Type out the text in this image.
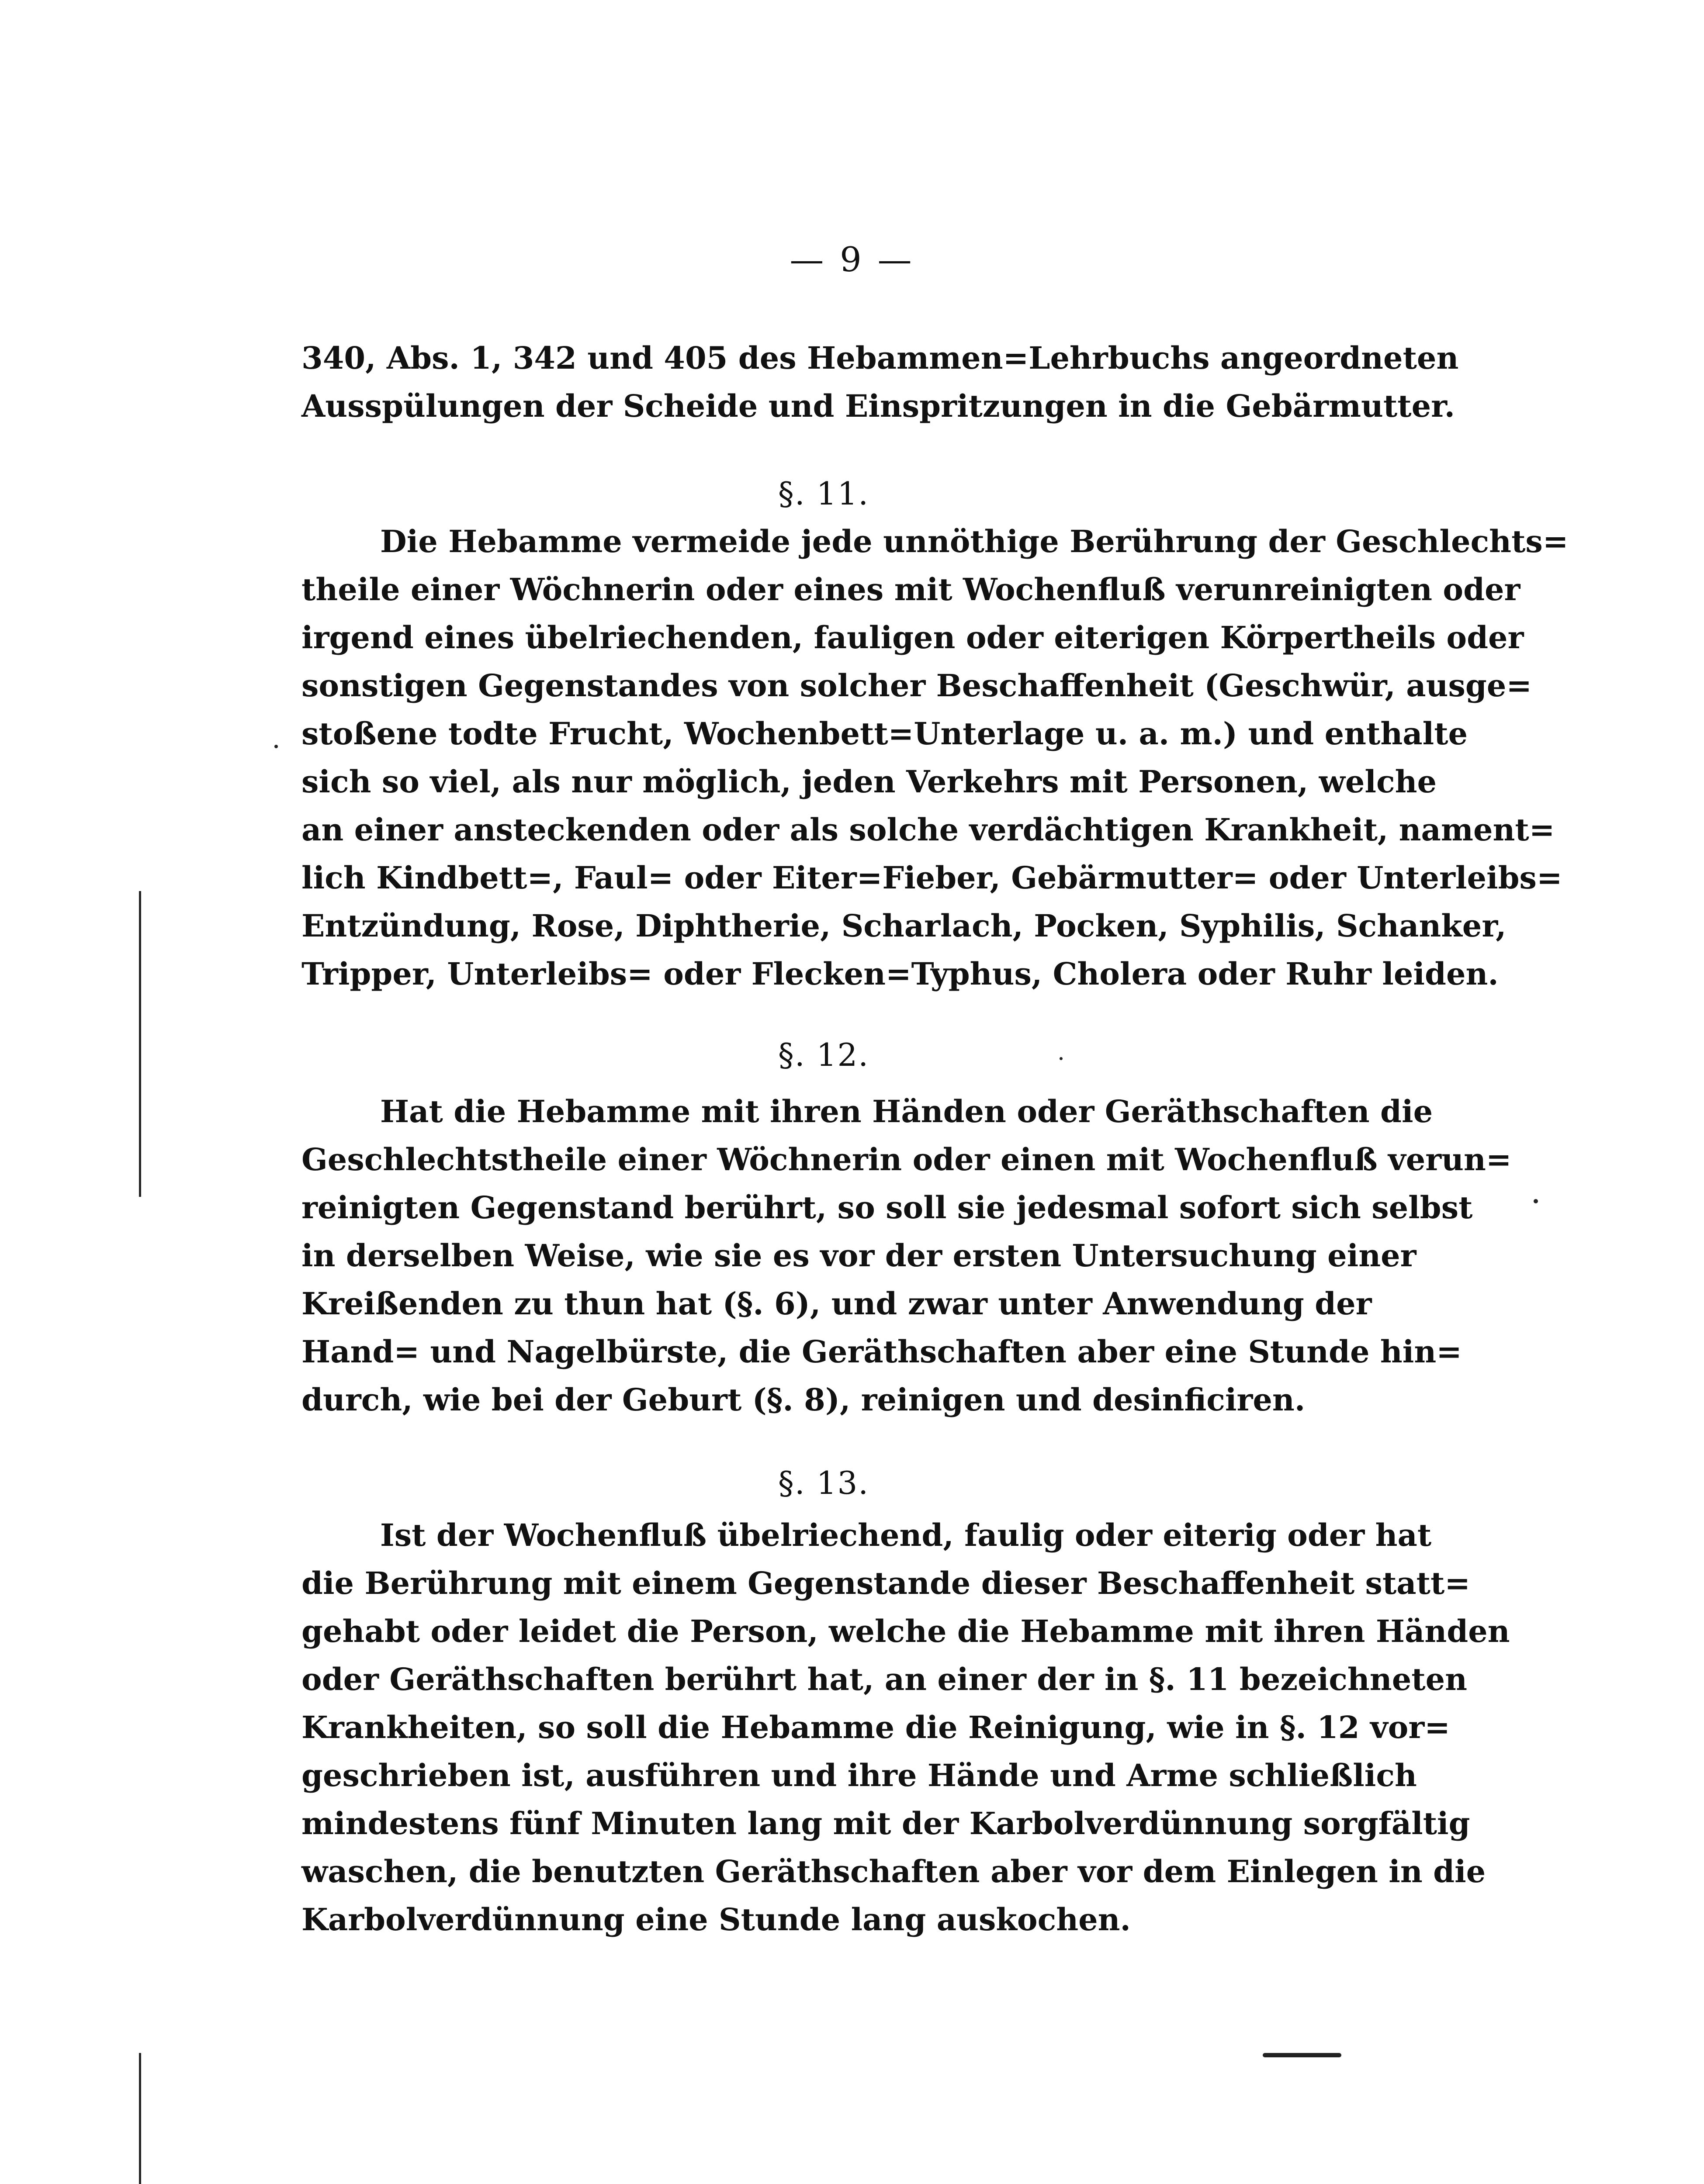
— 9 —
340, Abs. 1, 342 und 405 des Hebammen=Lehrbuchs angeordneten
Ausspülungen der Scheide und Einspritzungen in die Gebärmutter.
§. 11.
Die Hebamme vermeide jede unnöthige Berührung der Geschlechts=
theile einer Wöchnerin oder eines mit Wochenfluß verunreinigten oder
irgend eines übelriechenden, fauligen oder eiterigen Körpertheils oder
sonstigen Gegenstandes von solcher Beschaffenheit (Geschwür, ausge=
stoßene todte Frucht, Wochenbett=Unterlage u. a. m.) und enthalte
sich so viel, als nur möglich, jeden Verkehrs mit Personen, welche
an einer ansteckenden oder als solche verdächtigen Krankheit, nament=
lich Kindbett=, Faul= oder Eiter=Fieber, Gebärmutter= oder Unterleibs=
Entzündung, Rose, Diphtherie, Scharlach, Pocken, Syphilis, Schanker,
Tripper, Unterleibs= oder Flecken=Typhus, Cholera oder Ruhr leiden.
§. 12.
Hat die Hebamme mit ihren Händen oder Geräthschaften die
Geschlechtstheile einer Wöchnerin oder einen mit Wochenfluß verun=
reinigten Gegenstand berührt, so soll sie jedesmal sofort sich selbst
in derselben Weise, wie sie es vor der ersten Untersuchung einer
Kreißenden zu thun hat (§. 6), und zwar unter Anwendung der
Hand= und Nagelbürste, die Geräthschaften aber eine Stunde hin=
durch, wie bei der Geburt (§. 8), reinigen und desinficiren.
§. 13.
Ist der Wochenfluß übelriechend, faulig oder eiterig oder hat
die Berührung mit einem Gegenstande dieser Beschaffenheit statt=
gehabt oder leidet die Person, welche die Hebamme mit ihren Händen
oder Geräthschaften berührt hat, an einer der in §. 11 bezeichneten
Krankheiten, so soll die Hebamme die Reinigung, wie in §. 12 vor=
geschrieben ist, ausführen und ihre Hände und Arme schließlich
mindestens fünf Minuten lang mit der Karbolverdünnung sorgfältig
waschen, die benutzten Geräthschaften aber vor dem Einlegen in die
Karbolverdünnung eine Stunde lang auskochen.
